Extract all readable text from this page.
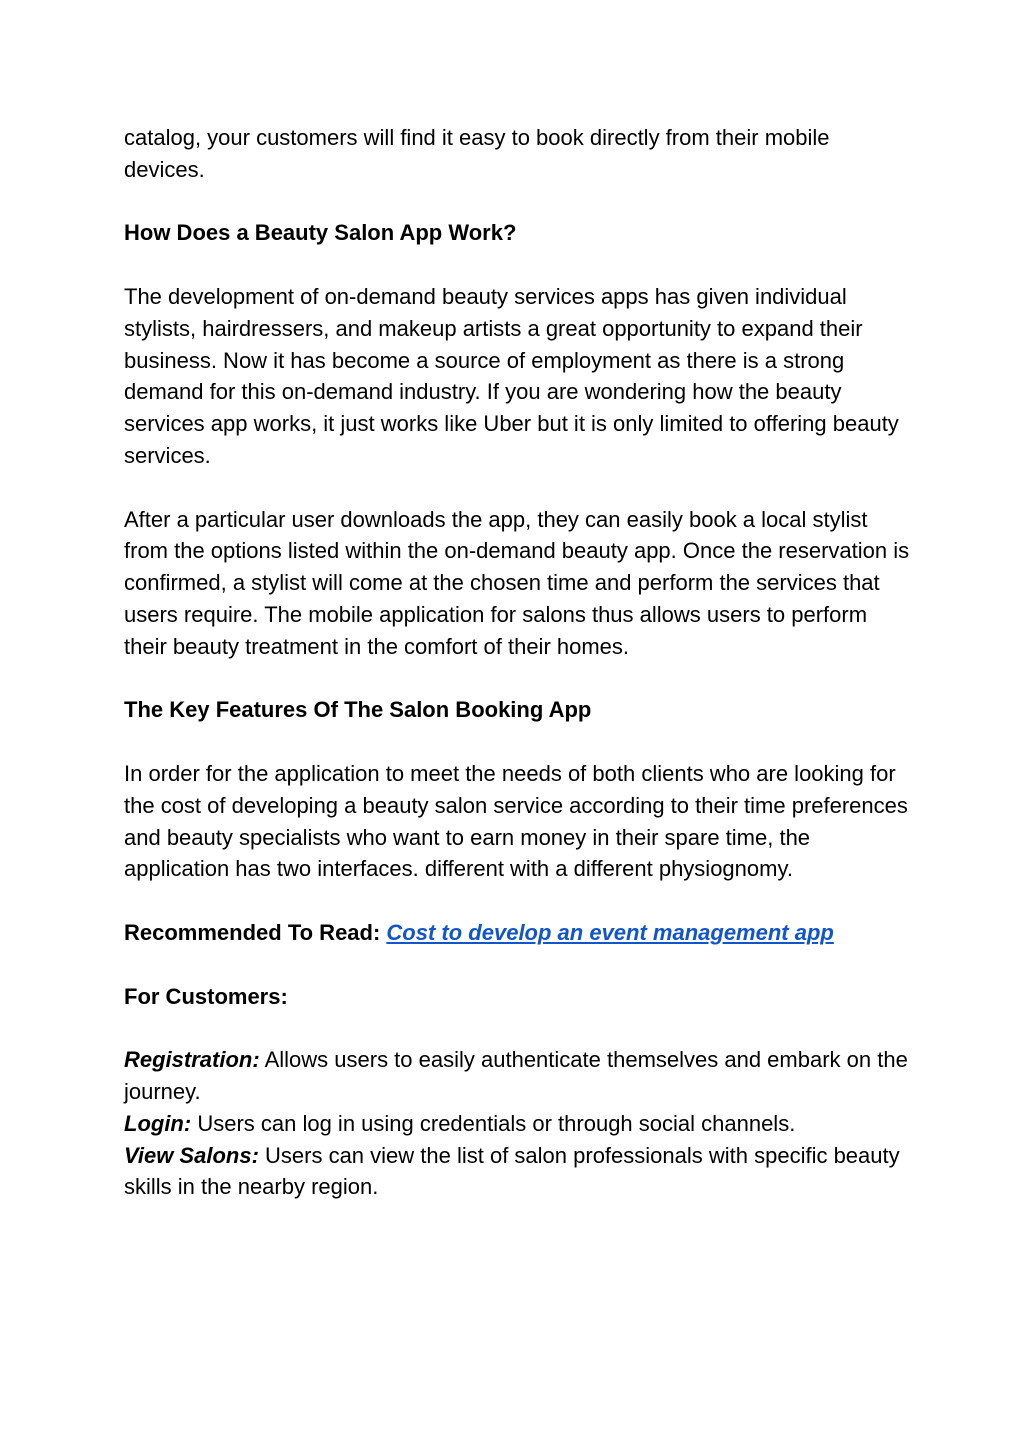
catalog, your customers will find it easy to book directly from their mobile devices.

How Does a Beauty Salon App Work?

The development of on-demand beauty services apps has given individual stylists, hairdressers, and makeup artists a great opportunity to expand their business. Now it has become a source of employment as there is a strong demand for this on-demand industry. If you are wondering how the beauty services app works, it just works like Uber but it is only limited to offering beauty services.

After a particular user downloads the app, they can easily book a local stylist from the options listed within the on-demand beauty app. Once the reservation is confirmed, a stylist will come at the chosen time and perform the services that users require. The mobile application for salons thus allows users to perform their beauty treatment in the comfort of their homes.

The Key Features Of The Salon Booking App

In order for the application to meet the needs of both clients who are looking for the cost of developing a beauty salon service according to their time preferences and beauty specialists who want to earn money in their spare time, the application has two interfaces. different with a different physiognomy.

Recommended To Read: Cost to develop an event management app

For Customers:

Registration: Allows users to easily authenticate themselves and embark on the journey.

Login: Users can log in using credentials or through social channels.

View Salons: Users can view the list of salon professionals with specific beauty skills in the nearby region.
